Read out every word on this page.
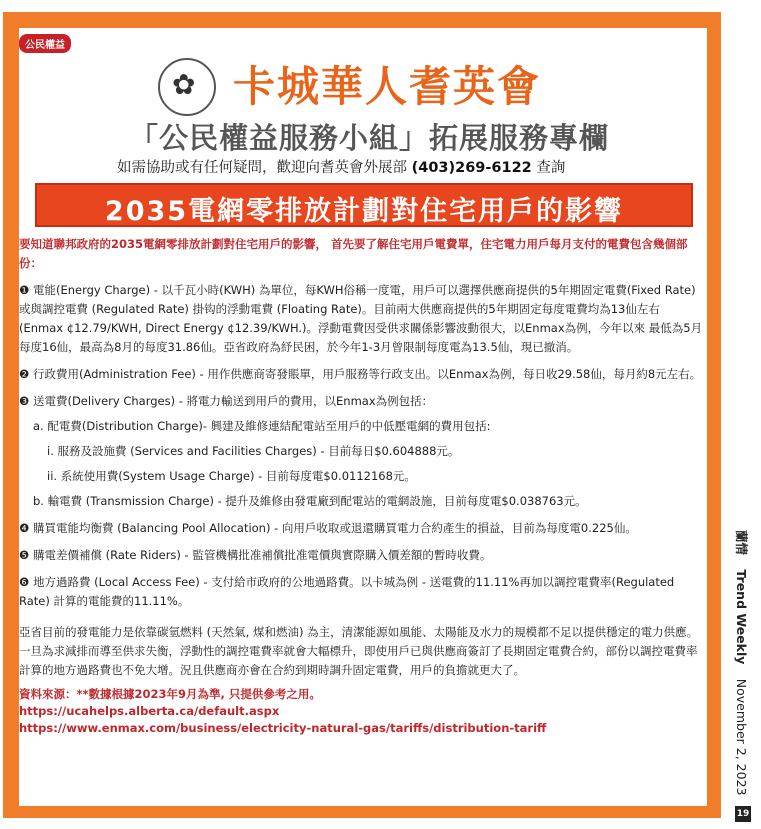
公民權益
✿ 卡城華人耆英會
「公民權益服務小組」拓展服務專欄
如需協助或有任何疑問，歡迎向耆英會外展部 (403)269-6122 查詢
2035電網零排放計劃對住宅用戶的影響
要知道聯邦政府的2035電網零排放計劃對住宅用戶的影響， 首先要了解住宅用戶電費單，住宅電力用戶每月支付的電費包含幾個部份：
❶ 電能(Energy Charge) - 以千瓦小時(KWH) 為單位，每KWH俗稱一度電，用戶可以選擇供應商提供的5年期固定電費(Fixed Rate) 或與調控電費 (Regulated Rate) 掛钩的浮動電費 (Floating Rate)。目前兩大供應商提供的5年期固定每度電費均為13仙左右 (Enmax ¢12.79/KWH, Direct Energy ¢12.39/KWH.)。浮動電費因受供求關係影響波動很大，以Enmax為例，今年以來 最低為5月每度16仙，最高為8月的每度31.86仙。亞省政府為紓民困，於今年1-3月曾限制每度電為13.5仙，現已撤消。
❷ 行政費用(Administration Fee) - 用作供應商寄發賬單，用戶服務等行政支出。以Enmax為例，每日收29.58仙，每月約8元左右。
❸ 送電費(Delivery Charges) - 將電力輸送到用戶的費用，以Enmax為例包括：
a. 配電費(Distribution Charge)- 興建及維修連結配電站至用戶的中低壓電網的費用包括:
i. 服務及設施費 (Services and Facilities Charges) - 目前每日$0.604888元。
ii. 系統使用費(System Usage Charge) - 目前每度電$0.0112168元。
b. 輸電費 (Transmission Charge) - 提升及維修由發電廠到配電站的電網設施，目前每度電$0.038763元。
❹ 購買電能均衡費 (Balancing Pool Allocation) - 向用戶收取或退還購買電力合約產生的損益，目前為每度電0.225仙。
❺ 購電差價補償 (Rate Riders) - 監管機構批准補償批准電價與實際購入價差額的暫時收費。
❻ 地方過路費 (Local Access Fee) - 支付給市政府的公地過路費。以卡城為例 - 送電費的11.11%再加以調控電費率(Regulated Rate) 計算的電能費的11.11%。
亞省目前的發電能力是依靠碳氫燃料 (天然氣, 煤和燃油) 為主，清潔能源如風能、太陽能及水力的規模都不足以提供穩定的電力供應。一旦為求減排而導至供求失衡，浮動性的調控電費率就會大幅標升，即使用戶已與供應商簽訂了長期固定電費合約，部份以調控電費率計算的地方過路費也不免大增。況且供應商亦會在合約到期時調升固定電費，用戶的負擔就更大了。
資料來源：**數據根據2023年9月為準, 只提供參考之用。
https://ucahelps.alberta.ca/default.aspx
https://www.enmax.com/business/electricity-natural-gas/tariffs/distribution-tariff
蘭情 Trend Weekly November 2, 2023
19
